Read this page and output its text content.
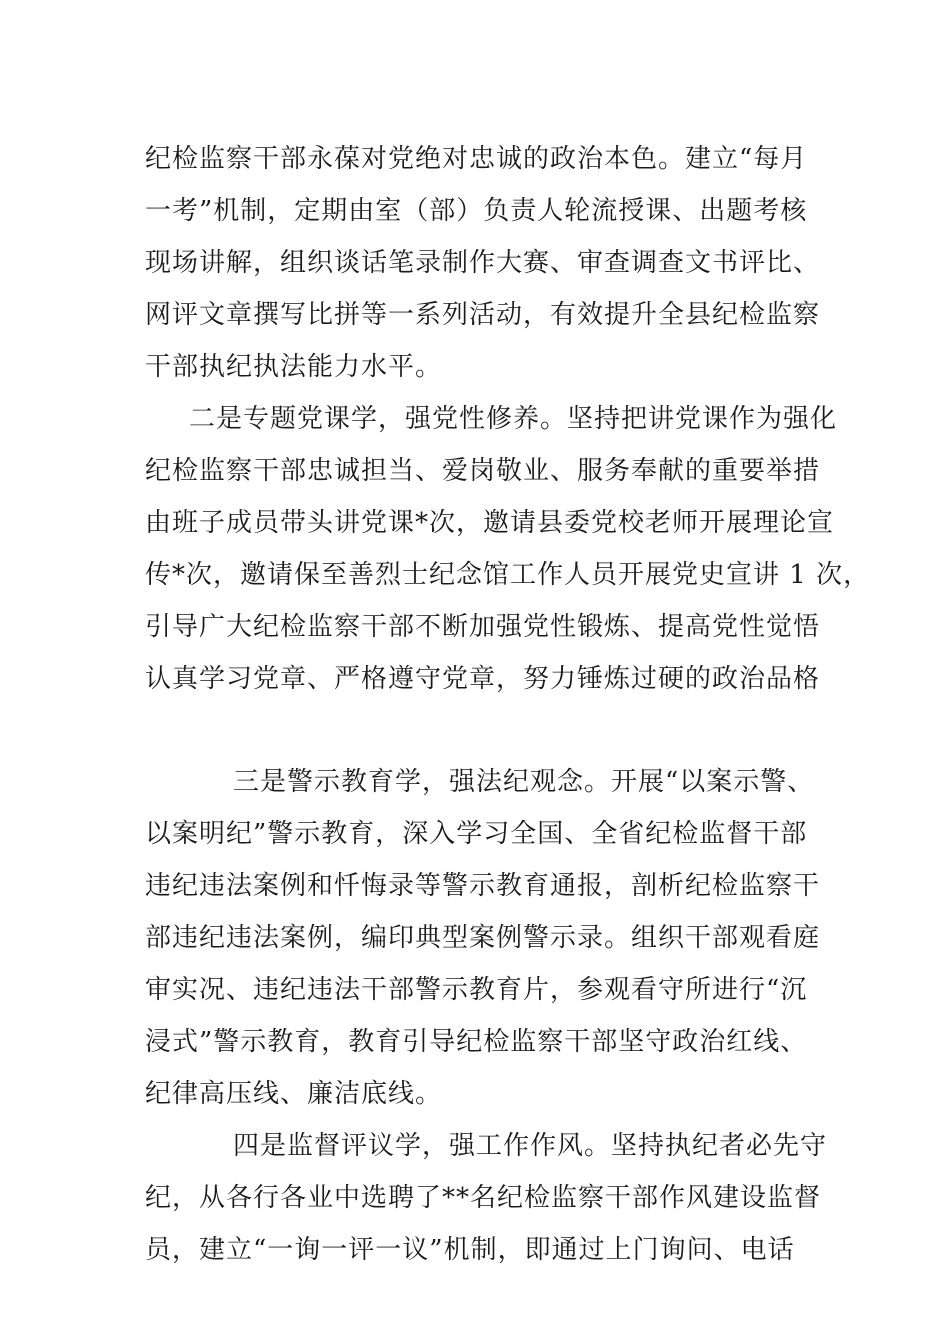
纪检监察干部永葆对党绝对忠诚的政治本色。建立“每月
一考”机制，定期由室（部）负责人轮流授课、出题考核
现场讲解，组织谈话笔录制作大赛、审查调查文书评比、
网评文章撰写比拼等一系列活动，有效提升全县纪检监察
干部执纪执法能力水平。
二是专题党课学，强党性修养。坚持把讲党课作为强化
纪检监察干部忠诚担当、爱岗敬业、服务奉献的重要举措
由班子成员带头讲党课*次，邀请县委党校老师开展理论宣
传*次，邀请保至善烈士纪念馆工作人员开展党史宣讲 1 次，
引导广大纪检监察干部不断加强党性锻炼、提高党性觉悟
认真学习党章、严格遵守党章，努力锤炼过硬的政治品格
三是警示教育学，强法纪观念。开展“以案示警、
以案明纪”警示教育，深入学习全国、全省纪检监督干部
违纪违法案例和忏悔录等警示教育通报，剖析纪检监察干
部违纪违法案例，编印典型案例警示录。组织干部观看庭
审实况、违纪违法干部警示教育片，参观看守所进行“沉
浸式”警示教育，教育引导纪检监察干部坚守政治红线、
纪律高压线、廉洁底线。
四是监督评议学，强工作作风。坚持执纪者必先守
纪，从各行各业中选聘了**名纪检监察干部作风建设监督
员，建立“一询一评一议”机制，即通过上门询问、电话
